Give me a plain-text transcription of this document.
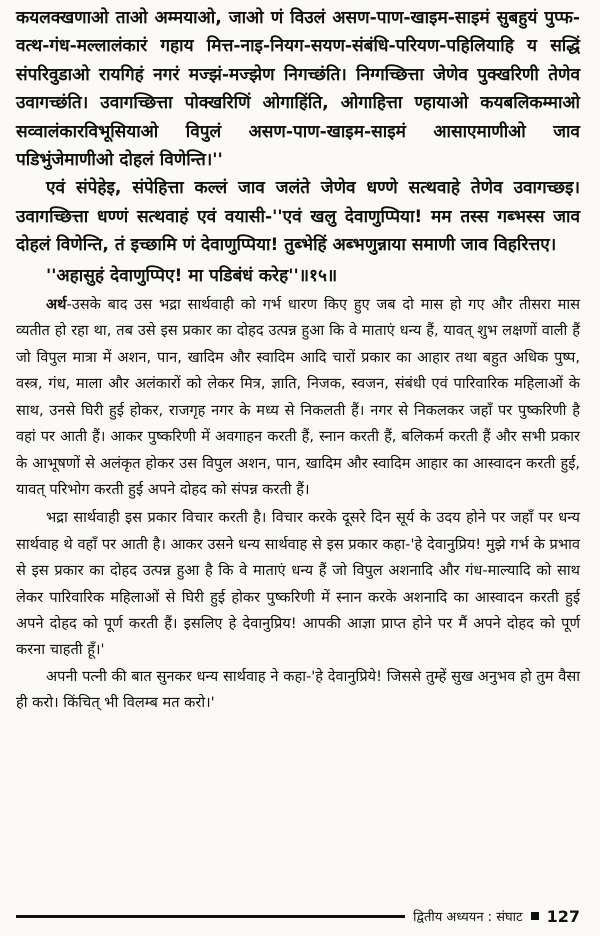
कयलक्खणाओ ताओ अम्मयाओ, जाओ णं विउलं असण-पाण-खाइम-साइमं सुबहुयं पुप्फ-वत्थ-गंध-मल्लालंकारं गहाय मित्त-नाइ-नियग-सयण-संबंधि-परियण-पहिलियाहि य सद्धिं संपरिवुडाओ रायगिहं नगरं मज्झं-मज्झेण निगच्छंति। निग्गच्छित्ता जेणेव पुक्खरिणी तेणेव उवागच्छंति। उवागच्छित्ता पोक्खरिणिं ओगाहिंति, ओगाहित्ता ण्हायाओ कयबलिकम्माओ सव्वालंकारविभूसियाओ विपुलं असण-पाण-खाइम-साइमं आसाएमाणीओ जाव पडिभुंजेमाणीओ दोहलं विणेन्ति।''

एवं संपेहेइ, संपेहित्ता कल्लं जाव जलंते जेणेव धण्णे सत्थवाहे तेणेव उवागच्छइ। उवागच्छित्ता धण्णं सत्थवाहं एवं वयासी-''एवं खलु देवाणुप्पिया! मम तस्स गब्भस्स जाव दोहलं विणेन्ति, तं इच्छामि णं देवाणुप्पिया! तुब्भेहिं अब्भणुन्नाया समाणी जाव विहरित्तए।

''अहासुहं देवाणुप्पिए! मा पडिबंधं करेह''॥१५॥

अर्थ-उसके बाद उस भद्रा सार्थवाही को गर्भ धारण किए हुए जब दो मास हो गए और तीसरा मास व्यतीत हो रहा था, तब उसे इस प्रकार का दोहद उत्पन्न हुआ कि वे माताएं धन्य हैं, यावत् शुभ लक्षणों वाली हैं जो विपुल मात्रा में अशन, पान, खादिम और स्वादिम आदि चारों प्रकार का आहार तथा बहुत अधिक पुष्प, वस्त्र, गंध, माला और अलंकारों को लेकर मित्र, ज्ञाति, निजक, स्वजन, संबंधी एवं पारिवारिक महिलाओं के साथ, उनसे घिरी हुई होकर, राजगृह नगर के मध्य से निकलती हैं। नगर से निकलकर जहाँ पर पुष्करिणी है वहां पर आती हैं। आकर पुष्करिणी में अवगाहन करती हैं, स्नान करती हैं, बलिकर्म करती हैं और सभी प्रकार के आभूषणों से अलंकृत होकर उस विपुल अशन, पान, खादिम और स्वादिम आहार का आस्वादन करती हुई, यावत् परिभोग करती हुई अपने दोहद को संपन्न करती हैं।

भद्रा सार्थवाही इस प्रकार विचार करती है। विचार करके दूसरे दिन सूर्य के उदय होने पर जहाँ पर धन्य सार्थवाह थे वहाँ पर आती है। आकर उसने धन्य सार्थवाह से इस प्रकार कहा-'हे देवानुप्रिय! मुझे गर्भ के प्रभाव से इस प्रकार का दोहद उत्पन्न हुआ है कि वे माताएं धन्य हैं जो विपुल अशनादि और गंध-माल्यादि को साथ लेकर पारिवारिक महिलाओं से घिरी हुई होकर पुष्करिणी में स्नान करके अशनादि का आस्वादन करती हुई अपने दोहद को पूर्ण करती हैं। इसलिए हे देवानुप्रिय! आपकी आज्ञा प्राप्त होने पर मैं अपने दोहद को पूर्ण करना चाहती हूँ।'

अपनी पत्नी की बात सुनकर धन्य सार्थवाह ने कहा-'हे देवानुप्रिये! जिससे तुम्हें सुख अनुभव हो तुम वैसा ही करो। किंचित् भी विलम्ब मत करो।'

द्वितीय अध्ययन : संघाट 127
